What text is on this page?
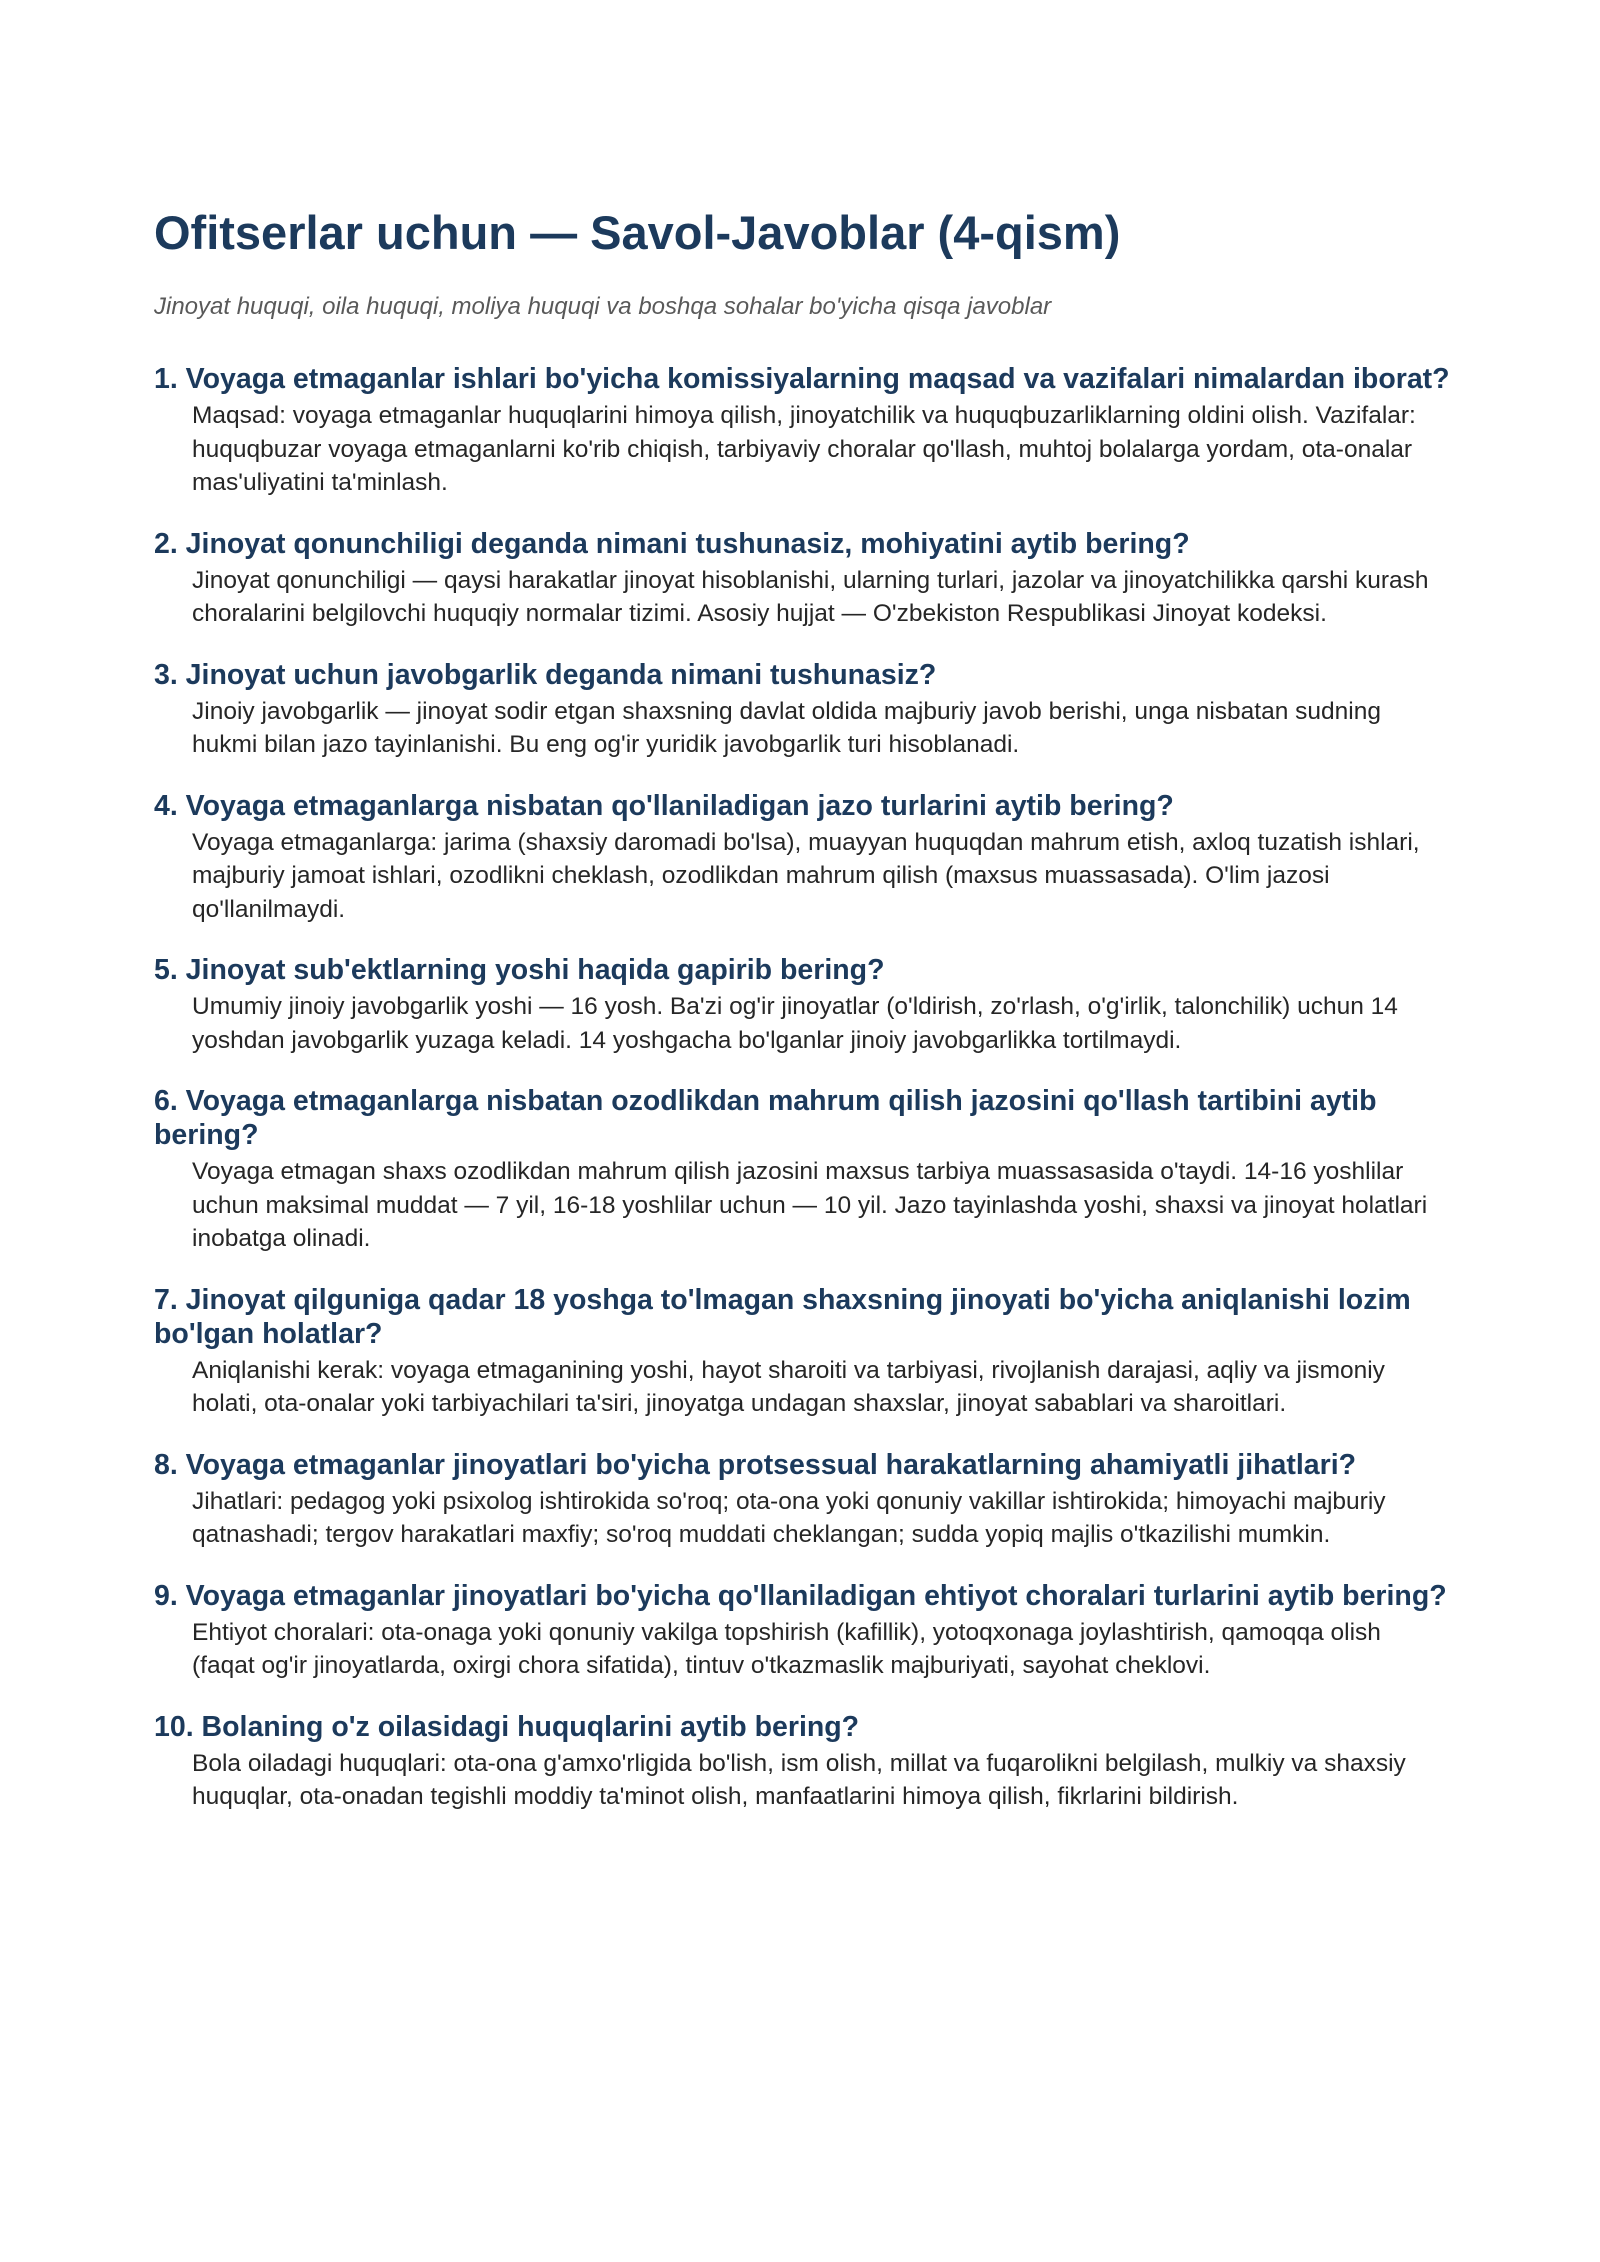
Ofitserlar uchun — Savol-Javoblar (4-qism)

Jinoyat huquqi, oila huquqi, moliya huquqi va boshqa sohalar bo'yicha qisqa javoblar

1. Voyaga etmaganlar ishlari bo'yicha komissiyalarning maqsad va vazifalari nimalardan iborat?

Maqsad: voyaga etmaganlar huquqlarini himoya qilish, jinoyatchilik va huquqbuzarliklarning oldini olish. Vazifalar: huquqbuzar voyaga etmaganlarni ko'rib chiqish, tarbiyaviy choralar qo'llash, muhtoj bolalarga yordam, ota-onalar mas'uliyatini ta'minlash.

2. Jinoyat qonunchiligi deganda nimani tushunasiz, mohiyatini aytib bering?

Jinoyat qonunchiligi — qaysi harakatlar jinoyat hisoblanishi, ularning turlari, jazolar va jinoyatchilikka qarshi kurash choralarini belgilovchi huquqiy normalar tizimi. Asosiy hujjat — O'zbekiston Respublikasi Jinoyat kodeksi.

3. Jinoyat uchun javobgarlik deganda nimani tushunasiz?

Jinoiy javobgarlik — jinoyat sodir etgan shaxsning davlat oldida majburiy javob berishi, unga nisbatan sudning hukmi bilan jazo tayinlanishi. Bu eng og'ir yuridik javobgarlik turi hisoblanadi.

4. Voyaga etmaganlarga nisbatan qo'llaniladigan jazo turlarini aytib bering?

Voyaga etmaganlarga: jarima (shaxsiy daromadi bo'lsa), muayyan huquqdan mahrum etish, axloq tuzatish ishlari, majburiy jamoat ishlari, ozodlikni cheklash, ozodlikdan mahrum qilish (maxsus muassasada). O'lim jazosi qo'llanilmaydi.

5. Jinoyat sub'ektlarning yoshi haqida gapirib bering?

Umumiy jinoiy javobgarlik yoshi — 16 yosh. Ba'zi og'ir jinoyatlar (o'ldirish, zo'rlash, o'g'irlik, talonchilik) uchun 14 yoshdan javobgarlik yuzaga keladi. 14 yoshgacha bo'lganlar jinoiy javobgarlikka tortilmaydi.

6. Voyaga etmaganlarga nisbatan ozodlikdan mahrum qilish jazosini qo'llash tartibini aytib bering?

Voyaga etmagan shaxs ozodlikdan mahrum qilish jazosini maxsus tarbiya muassasasida o'taydi. 14-16 yoshlilar uchun maksimal muddat — 7 yil, 16-18 yoshlilar uchun — 10 yil. Jazo tayinlashda yoshi, shaxsi va jinoyat holatlari inobatga olinadi.

7. Jinoyat qilguniga qadar 18 yoshga to'lmagan shaxsning jinoyati bo'yicha aniqlanishi lozim bo'lgan holatlar?

Aniqlanishi kerak: voyaga etmaganining yoshi, hayot sharoiti va tarbiyasi, rivojlanish darajasi, aqliy va jismoniy holati, ota-onalar yoki tarbiyachilari ta'siri, jinoyatga undagan shaxslar, jinoyat sabablari va sharoitlari.

8. Voyaga etmaganlar jinoyatlari bo'yicha protsessual harakatlarning ahamiyatli jihatlari?

Jihatlari: pedagog yoki psixolog ishtirokida so'roq; ota-ona yoki qonuniy vakillar ishtirokida; himoyachi majburiy qatnashadi; tergov harakatlari maxfiy; so'roq muddati cheklangan; sudda yopiq majlis o'tkazilishi mumkin.

9. Voyaga etmaganlar jinoyatlari bo'yicha qo'llaniladigan ehtiyot choralari turlarini aytib bering?

Ehtiyot choralari: ota-onaga yoki qonuniy vakilga topshirish (kafillik), yotoqxonaga joylashtirish, qamoqqa olish (faqat og'ir jinoyatlarda, oxirgi chora sifatida), tintuv o'tkazmaslik majburiyati, sayohat cheklovi.

10. Bolaning o'z oilasidagi huquqlarini aytib bering?

Bola oiladagi huquqlari: ota-ona g'amxo'rligida bo'lish, ism olish, millat va fuqarolikni belgilash, mulkiy va shaxsiy huquqlar, ota-onadan tegishli moddiy ta'minot olish, manfaatlarini himoya qilish, fikrlarini bildirish.
